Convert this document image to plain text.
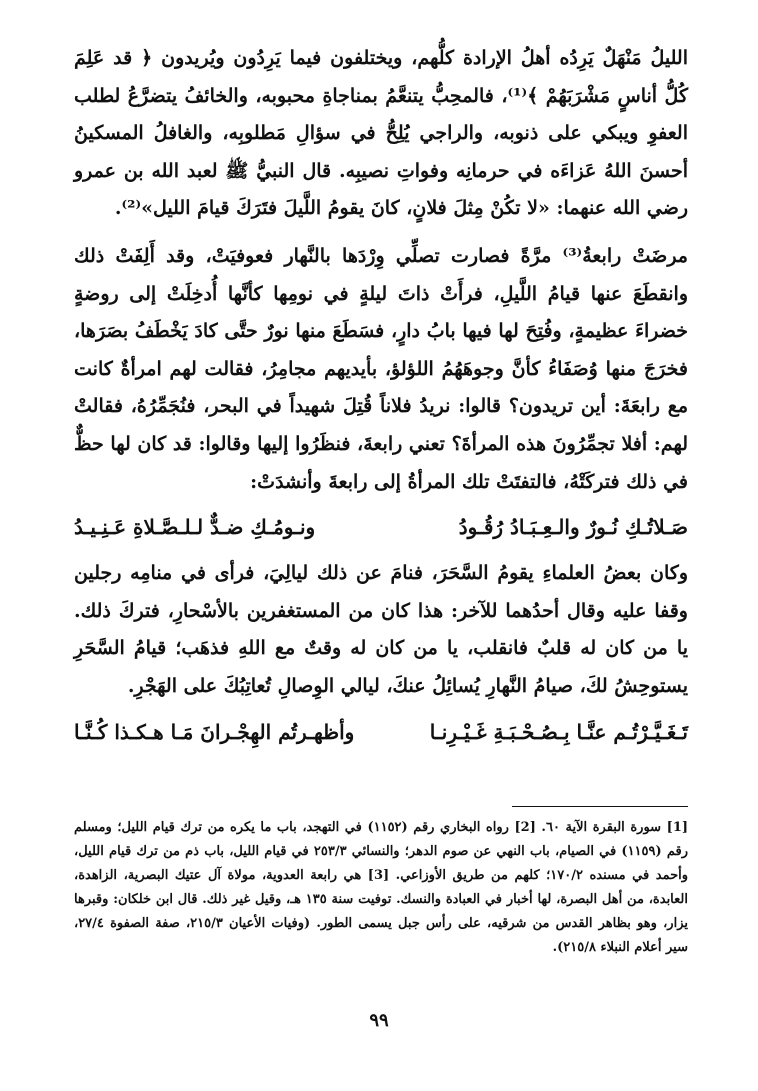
الليلُ مَنْهَلٌ يَرِدُه أهلُ الإرادة كلُّهم، ويختلفون فيما يَرِدُون ويُريدون ﴿ قد عَلِمَ كُلُّ أناسٍ مَشْرَبَهُمْ ﴾⁽¹⁾، فالمحِبُّ يتنعَّمُ بمناجاةِ محبوبه، والخائفُ يتضرَّعُ لطلب العفوِ ويبكي على ذنوبه، والراجي يُلِحُّ في سؤالِ مَطلوبِه، والغافلُ المسكينُ أحسنَ اللهُ عَزاءَه في حرمانِه وفواتِ نصيبِه. قال النبيُّ ﷺ لعبد الله بن عمرو رضي الله عنهما: «لا تكُنْ مِثلَ فلانٍ، كانَ يقومُ اللَّيلَ فتَرَكَ قيامَ الليل»⁽²⁾.

مرضَتْ رابعةُ⁽³⁾ مرَّةً فصارت تصلِّي وِرْدَها بالنَّهار فعوفيَتْ، وقد أَلِفَتْ ذلك وانقطَعَ عنها قيامُ اللَّيلِ، فرأَتْ ذاتَ ليلةٍ في نومِها كأنَّها أُدخِلَتْ إلى روضةٍ خضراءَ عظيمةٍ، وفُتِحَ لها فيها بابُ دارٍ، فسَطَعَ منها نورٌ حتَّى كادَ يَخْطَفُ بصَرَها، فخرَجَ منها وُصَفَاءُ كأنَّ وجوهَهُمُ اللؤلؤ، بأيديهم مجامِرُ، فقالت لهم امرأةٌ كانت مع رابعَةَ: أين تريدون؟ قالوا: نريدُ فلاناً قُتِلَ شهيداً في البحر، فنُجَمِّرُهُ، فقالتْ لهم: أفلا تجمِّرُونَ هذه المرأةَ؟ تعني رابعةَ، فنظَرُوا إليها وقالوا: قد كان لها حظٌّ في ذلك فتركَتْهُ، فالتفتَتْ تلك المرأةُ إلى رابعةَ وأنشدَتْ:

صَـلاتُـكِ نُـورٌ والـعِـبَـادُ رُقُـودُ
ونـومُـكِ ضـدٌّ لـلـصَّـلاةِ عَـنِـيـدُ

وكان بعضُ العلماءِ يقومُ السَّحَرَ، فنامَ عن ذلك ليالِيَ، فرأى في منامِه رجلين وقفا عليه وقال أحدُهما للآخر: هذا كان من المستغفرين بالأسْحارِ، فتركَ ذلك. يا من كان له قلبٌ فانقلب، يا من كان له وقتٌ مع اللهِ فذهَب؛ قيامُ السَّحَرِ يستوحِشُ لكَ، صيامُ النَّهارِ يُسائِلُ عنكَ، ليالي الوِصالِ تُعاتِبُكَ على الهَجْرِ.

تَـغَـيَّـرْتُـم عنَّـا بِـصُـحْـبَـةِ غَـيْـرِنـا
وأظهـرتُم الهِجْـرانَ مَـا هـكـذا كُـنَّـا

[1] سورة البقرة الآية ٦٠. [2] رواه البخاري رقم (١١٥٢) في التهجد، باب ما يكره من ترك قيام الليل؛ ومسلم رقم (١١٥٩) في الصيام، باب النهي عن صوم الدهر؛ والنسائي ٢٥٣/٣ في قيام الليل، باب ذم من ترك قيام الليل، وأحمد في مسنده ١٧٠/٢؛ كلهم من طريق الأوزاعي. [3] هي رابعة العدوية، مولاة آل عتيك البصرية، الزاهدة، العابدة، من أهل البصرة، لها أخبار في العبادة والنسك. توفيت سنة ١٣٥ هـ، وقيل غير ذلك. قال ابن خلكان: وقبرها يزار، وهو بظاهر القدس من شرقيه، على رأس جبل يسمى الطور. (وفيات الأعيان ٢١٥/٣، صفة الصفوة ٢٧/٤، سير أعلام النبلاء ٢١٥/٨).

٩٩
